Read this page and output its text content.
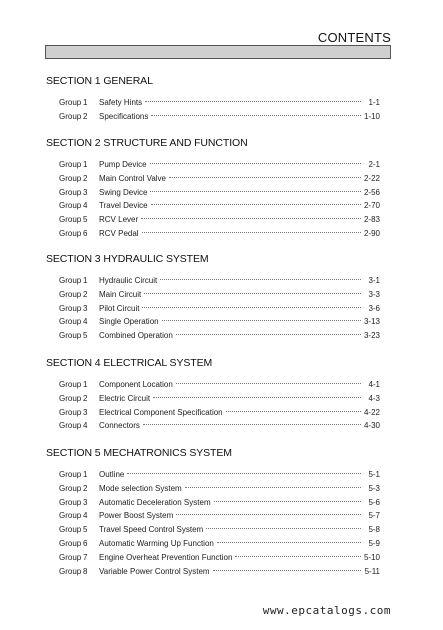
CONTENTS
SECTION 1 GENERAL
Group 1	Safety Hints	1-1
Group 2	Specifications	1-10
SECTION 2 STRUCTURE AND FUNCTION
Group 1	Pump Device	2-1
Group 2	Main Control Valve	2-22
Group 3	Swing Device	2-56
Group 4	Travel Device	2-70
Group 5	RCV Lever	2-83
Group 6	RCV Pedal	2-90
SECTION 3 HYDRAULIC SYSTEM
Group 1	Hydraulic Circuit	3-1
Group 2	Main Circuit	3-3
Group 3	Pilot Circuit	3-6
Group 4	Single Operation	3-13
Group 5	Combined Operation	3-23
SECTION 4 ELECTRICAL SYSTEM
Group 1	Component Location	4-1
Group 2	Electric Circuit	4-3
Group 3	Electrical Component Specification	4-22
Group 4	Connectors	4-30
SECTION 5 MECHATRONICS SYSTEM
Group 1	Outline	5-1
Group 2	Mode selection System	5-3
Group 3	Automatic Deceleration System	5-6
Group 4	Power Boost System	5-7
Group 5	Travel Speed Control System	5-8
Group 6	Automatic Warming Up Function	5-9
Group 7	Engine Overheat Prevention Function	5-10
Group 8	Variable Power Control System	5-11
www.epcatalogs.com
